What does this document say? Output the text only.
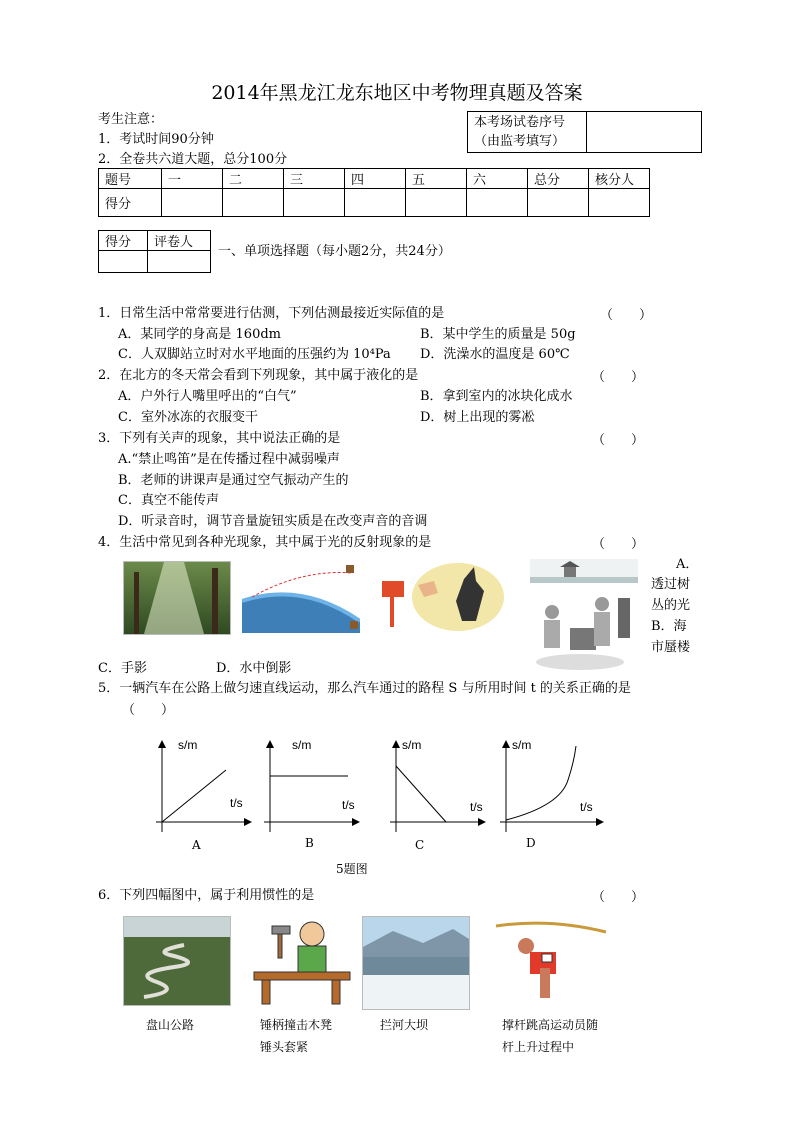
2014年黑龙江龙东地区中考物理真题及答案
考生注意：
1．考试时间90分钟
2．全卷共六道大题，总分100分
本考场试卷序号
（由监考填写）

题号	一	二	三	四	五	六	总分	核分人
得分								
得分	评卷人

一、单项选择题（每小题2分，共24分）
1．日常生活中常常要进行估测，下列估测最接近实际值的是	（　　）
A．某同学的身高是 160dm	B．某中学生的质量是 50g
C．人双脚站立时对水平地面的压强约为 10⁴Pa D．洗澡水的温度是 60℃
2．在北方的冬天常会看到下列现象，其中属于液化的是	（　　）
A．户外行人嘴里呼出的“白气”	B．拿到室内的冰块化成水
C．室外冰冻的衣服变干	D．树上出现的雾凇
3．下列有关声的现象，其中说法正确的是	（　　）
A.“禁止鸣笛”是在传播过程中减弱噪声
B．老师的讲课声是通过空气振动产生的
C．真空不能传声
D．听录音时，调节音量旋钮实质是在改变声音的音调
4．生活中常见到各种光现象，其中属于光的反射现象的是	（　　）
A．
透过树
丛的光
B．海
市蜃楼
C．手影	D．水中倒影
5．一辆汽车在公路上做匀速直线运动，那么汽车通过的路程 S 与所用时间 t 的关系正确的是
（　　）
s/m	s/m	s/m	s/m
t/s	t/s	t/s	t/s
A	B	C	D
5题图
6．下列四幅图中，属于利用惯性的是	（　　）
盘山公路	锤柄撞击木凳
锤头套紧
拦河大坝	撑杆跳高运动员随
杆上升过程中
